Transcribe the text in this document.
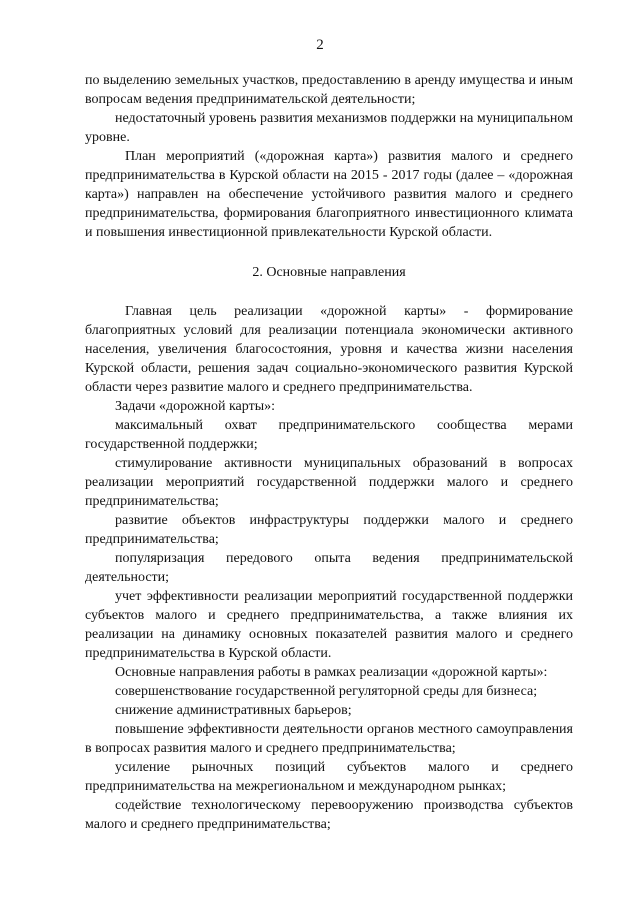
2

по выделению земельных участков, предоставлению в аренду имущества и иным вопросам ведения предпринимательской деятельности;

недостаточный уровень развития механизмов поддержки на муниципальном уровне.

План мероприятий («дорожная карта») развития малого и среднего предпринимательства в Курской области на 2015 - 2017 годы (далее – «дорожная карта») направлен на обеспечение устойчивого развития малого и среднего предпринимательства, формирования благоприятного инвестиционного климата и повышения инвестиционной привлекательности Курской области.

2. Основные направления

Главная цель реализации «дорожной карты» - формирование благоприятных условий для реализации потенциала экономически активного населения, увеличения благосостояния, уровня и качества жизни населения Курской области, решения задач социально-экономического развития Курской области через развитие малого и среднего предпринимательства.

Задачи «дорожной карты»:

максимальный охват предпринимательского сообщества мерами государственной поддержки;

стимулирование активности муниципальных образований в вопросах реализации мероприятий государственной поддержки малого и среднего предпринимательства;

развитие объектов инфраструктуры поддержки малого и среднего предпринимательства;

популяризация передового опыта ведения предпринимательской деятельности;

учет эффективности реализации мероприятий государственной поддержки субъектов малого и среднего предпринимательства, а также влияния их реализации на динамику основных показателей развития малого и среднего предпринимательства в Курской области.

Основные направления работы в рамках реализации «дорожной карты»:

совершенствование государственной регуляторной среды для бизнеса;

снижение административных барьеров;

повышение эффективности деятельности органов местного самоуправления в вопросах развития малого и среднего предпринимательства;

усиление рыночных позиций субъектов малого и среднего предпринимательства на межрегиональном и международном рынках;

содействие технологическому перевооружению производства субъектов малого и среднего предпринимательства;
